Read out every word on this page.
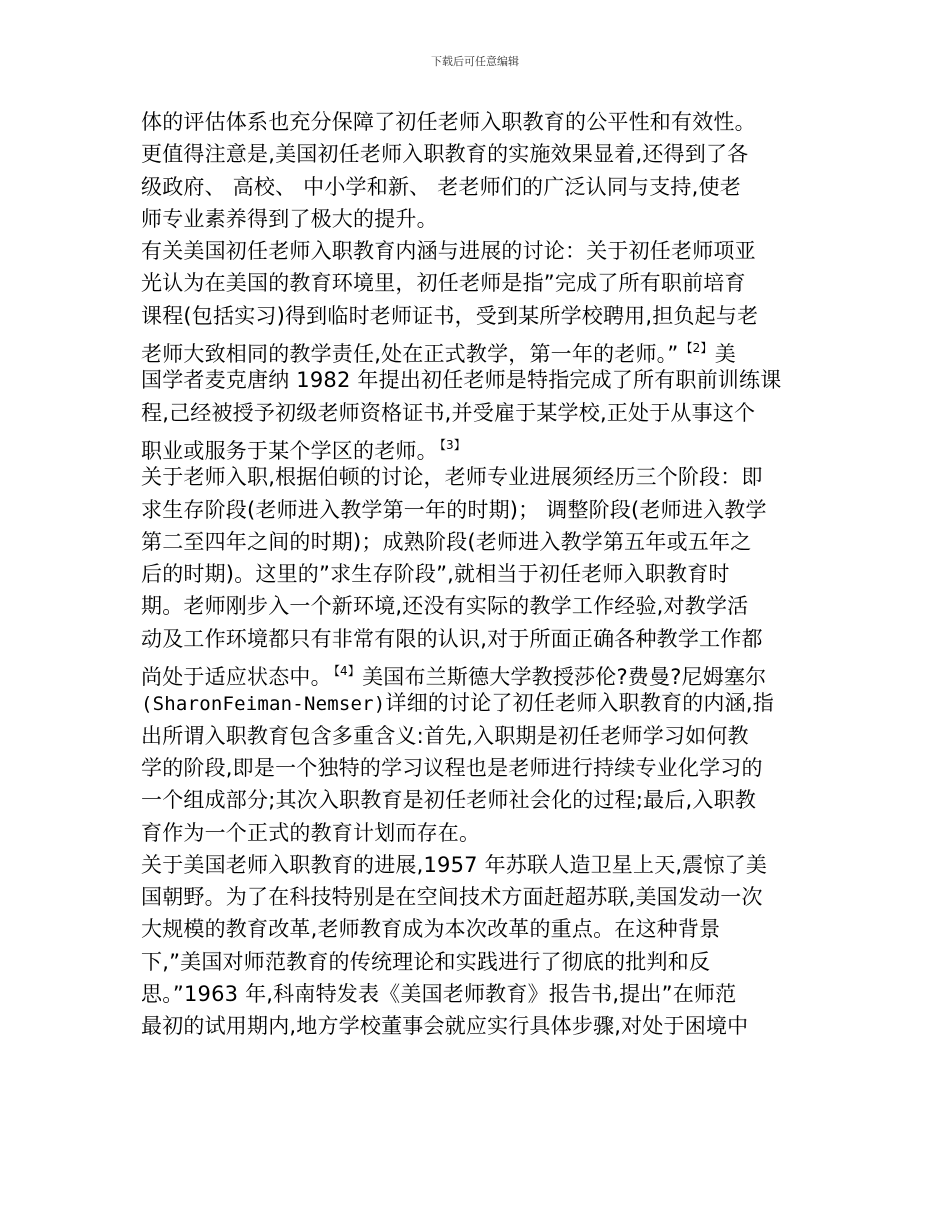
下载后可任意编辑
体的评估体系也充分保障了初任老师入职教育的公平性和有效性。
更值得注意是,美国初任老师入职教育的实施效果显着,还得到了各
级政府、 高校、 中小学和新、 老老师们的广泛认同与支持,使老
师专业素养得到了极大的提升。
有关美国初任老师入职教育内涵与进展的讨论：关于初任老师项亚
光认为在美国的教育环境里，初任老师是指”完成了所有职前培育
课程(包括实习)得到临时老师证书，受到某所学校聘用,担负起与老
老师大致相同的教学责任,处在正式教学，第一年的老师。” $^{【2】}$美
国学者麦克唐纳 1982 年提出初任老师是特指完成了所有职前训练课
程,己经被授予初级老师资格证书,并受雇于某学校,正处于从事这个
职业或服务于某个学区的老师。 $^{【3】}$
关于老师入职,根据伯顿的讨论，老师专业进展须经历三个阶段：即
求生存阶段(老师进入教学第一年的时期)； 调整阶段(老师进入教学
第二至四年之间的时期)；成熟阶段(老师进入教学第五年或五年之
后的时期)。这里的”求生存阶段”,就相当于初任老师入职教育时
期。老师刚步入一个新环境,还没有实际的教学工作经验,对教学活
动及工作环境都只有非常有限的认识,对于所面正确各种教学工作都
尚处于适应状态中。 $^{【4】}$美国布兰斯德大学教授莎伦?费曼?尼姆塞尔
(SharonFeiman-Nemser)详细的讨论了初任老师入职教育的内涵,指
出所谓入职教育包含多重含义:首先,入职期是初任老师学习如何教
学的阶段,即是一个独特的学习议程也是老师进行持续专业化学习的
一个组成部分;其次入职教育是初任老师社会化的过程;最后,入职教
育作为一个正式的教育计划而存在。
关于美国老师入职教育的进展,1957 年苏联人造卫星上天,震惊了美
国朝野。为了在科技特别是在空间技术方面赶超苏联,美国发动一次
大规模的教育改革,老师教育成为本次改革的重点。在这种背景
下,”美国对师范教育的传统理论和实践进行了彻底的批判和反
思。”1963 年,科南特发表《美国老师教育》报告书,提出”在师范
最初的试用期内,地方学校董事会就应实行具体步骤,对处于困境中
